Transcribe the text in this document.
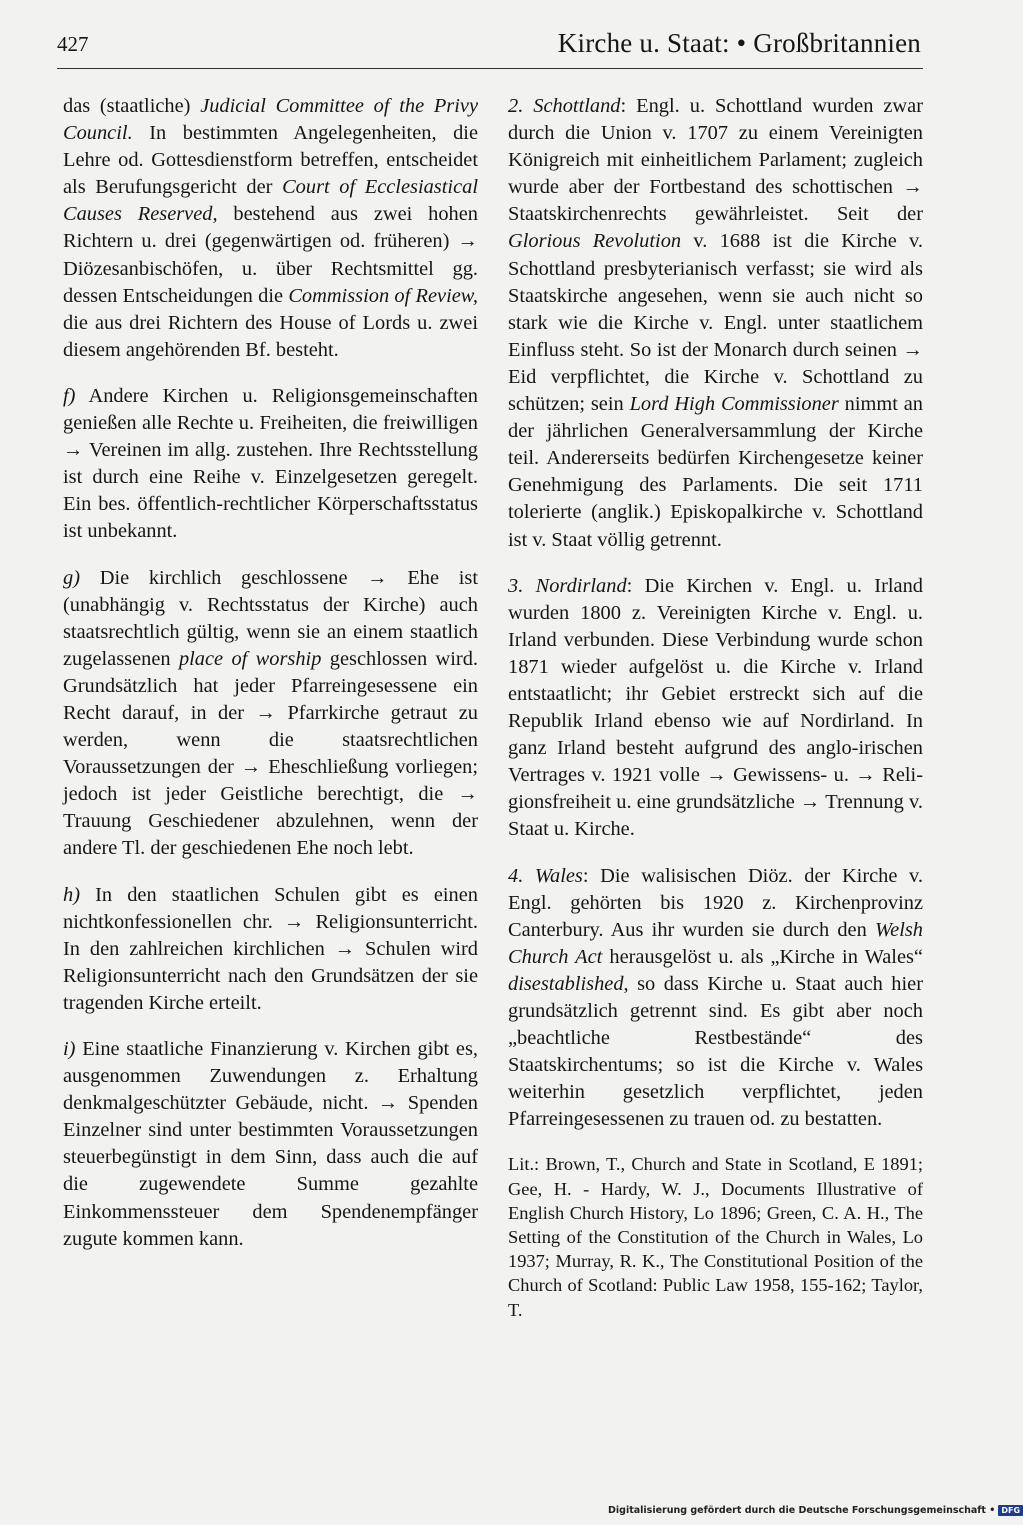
427	Kirche u. Staat: • Großbritannien

das (staatliche) Judicial Committee of the Privy Council. In bestimmten Angelegenheiten, die Lehre od. Gottesdienstform betreffen, entscheidet als Berufungsgericht der Court of Ecclesiastical Causes Reserved, bestehend aus zwei hohen Richtern u. drei (gegenwärtigen od. früheren) → Diözesanbischöfen, u. über Rechtsmittel gg. dessen Entscheidungen die Commission of Review, die aus drei Richtern des House of Lords u. zwei diesem angehörenden Bf. besteht.

f) Andere Kirchen u. Religionsgemeinschaften genießen alle Rechte u. Freiheiten, die freiwilligen → Vereinen im allg. zustehen. Ihre Rechtsstellung ist durch eine Reihe v. Einzelgesetzen geregelt. Ein bes. öffentlich-rechtlicher Körperschaftsstatus ist unbekannt.

g) Die kirchlich geschlossene → Ehe ist (unabhängig v. Rechtsstatus der Kirche) auch staatsrechtlich gültig, wenn sie an einem staatlich zugelassenen place of worship geschlossen wird. Grundsätzlich hat jeder Pfarreingesessene ein Recht darauf, in der → Pfarrkirche getraut zu werden, wenn die staatsrechtlichen Voraussetzungen der → Eheschließung vorliegen; jedoch ist jeder Geistliche berechtigt, die → Trauung Geschiedener abzulehnen, wenn der andere Tl. der geschiedenen Ehe noch lebt.

h) In den staatlichen Schulen gibt es einen nichtkonfessionellen chr. → Religionsunterricht. In den zahlreichen kirchlichen → Schulen wird Religionsunterricht nach den Grundsätzen der sie tragenden Kirche erteilt.

i) Eine staatliche Finanzierung v. Kirchen gibt es, ausgenommen Zuwendungen z. Erhaltung denkmalgeschützter Gebäude, nicht. → Spenden Einzelner sind unter bestimmten Voraussetzungen steuerbegünstigt in dem Sinn, dass auch die auf die zugewendete Summe gezahlte Einkommenssteuer dem Spendenempfänger zugute kommen kann.

2. Schottland: Engl. u. Schottland wurden zwar durch die Union v. 1707 zu einem Vereinigten Königreich mit einheitlichem Parlament; zugleich wurde aber der Fortbestand des schottischen → Staatskirchenrechts gewährleistet. Seit der Glorious Revolution v. 1688 ist die Kirche v. Schottland presbyterianisch verfasst; sie wird als Staatskirche angesehen, wenn sie auch nicht so stark wie die Kirche v. Engl. unter staatlichem Einfluss steht. So ist der Monarch durch seinen → Eid verpflichtet, die Kirche v. Schottland zu schützen; sein Lord High Commissioner nimmt an der jährlichen Generalversammlung der Kirche teil. Andererseits bedürfen Kirchengesetze keiner Genehmigung des Parlaments. Die seit 1711 tolerierte (anglik.) Episkopalkirche v. Schottland ist v. Staat völlig getrennt.

3. Nordirland: Die Kirchen v. Engl. u. Irland wurden 1800 z. Vereinigten Kirche v. Engl. u. Irland verbunden. Diese Verbindung wurde schon 1871 wieder aufgelöst u. die Kirche v. Irland entstaatlicht; ihr Gebiet erstreckt sich auf die Republik Irland ebenso wie auf Nordirland. In ganz Irland besteht aufgrund des anglo-irischen Vertrages v. 1921 volle → Gewissens- u. → Religionsfreiheit u. eine grundsätzliche → Trennung v. Staat u. Kirche.

4. Wales: Die walisischen Diöz. der Kirche v. Engl. gehörten bis 1920 z. Kirchenprovinz Canterbury. Aus ihr wurden sie durch den Welsh Church Act herausgelöst u. als „Kirche in Wales“ disestablished, so dass Kirche u. Staat auch hier grundsätzlich getrennt sind. Es gibt aber noch „beachtliche Restbestände“ des Staatskirchentums; so ist die Kirche v. Wales weiterhin gesetzlich verpflichtet, jeden Pfarreingesessenen zu trauen od. zu bestatten.

Lit.: Brown, T., Church and State in Scotland, E 1891; Gee, H. - Hardy, W. J., Documents Illustrative of English Church History, Lo 1896; Green, C. A. H., The Setting of the Constitution of the Church in Wales, Lo 1937; Murray, R. K., The Constitutional Position of the Church of Scotland: Public Law 1958, 155-162; Taylor, T.

Digitalisierung gefördert durch die Deutsche Forschungsgemeinschaft • DFG
